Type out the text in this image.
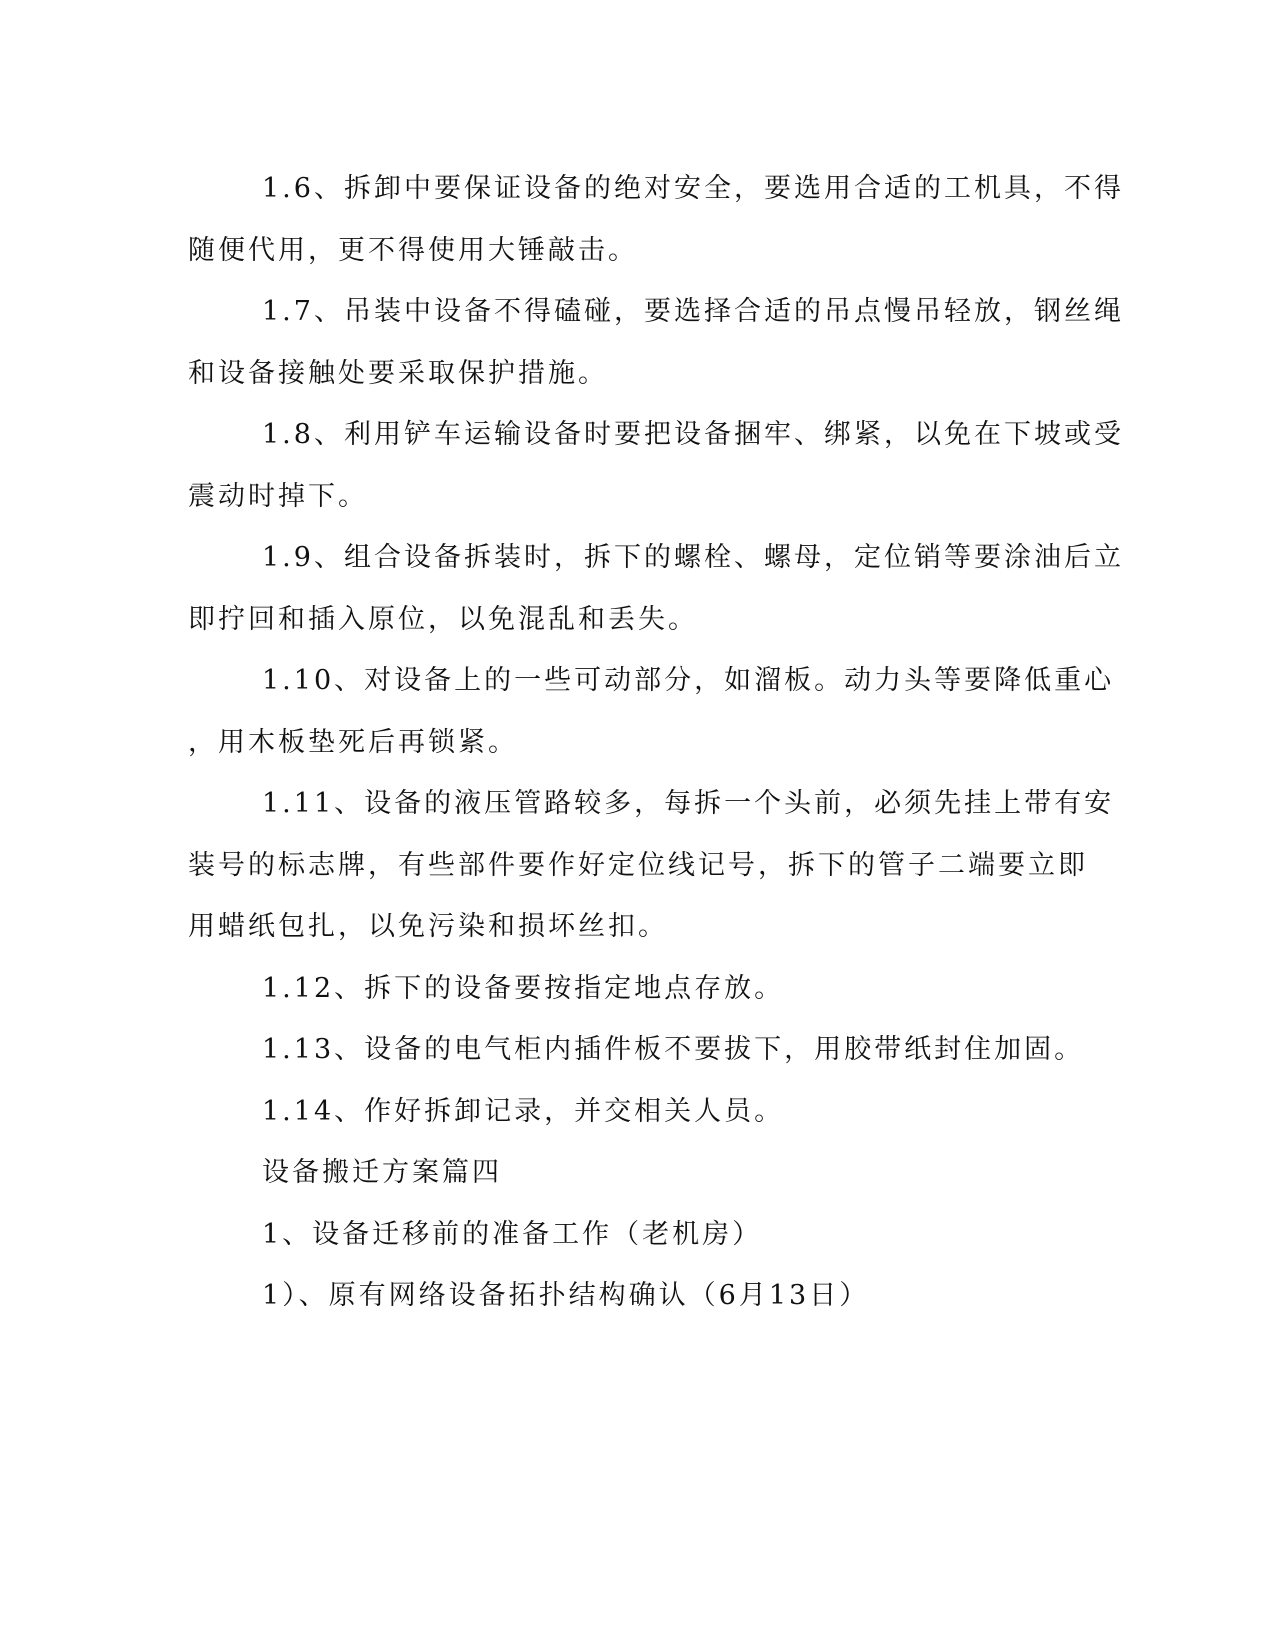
1.6、拆卸中要保证设备的绝对安全，要选用合适的工机具，不得
随便代用，更不得使用大锤敲击。
1.7、吊装中设备不得磕碰，要选择合适的吊点慢吊轻放，钢丝绳
和设备接触处要采取保护措施。
1.8、利用铲车运输设备时要把设备捆牢、绑紧，以免在下坡或受
震动时掉下。
1.9、组合设备拆装时，拆下的螺栓、螺母，定位销等要涂油后立
即拧回和插入原位，以免混乱和丢失。
1.10、对设备上的一些可动部分，如溜板。动力头等要降低重心
，用木板垫死后再锁紧。
1.11、设备的液压管路较多，每拆一个头前，必须先挂上带有安
装号的标志牌，有些部件要作好定位线记号，拆下的管子二端要立即
用蜡纸包扎，以免污染和损坏丝扣。
1.12、拆下的设备要按指定地点存放。
1.13、设备的电气柜内插件板不要拔下，用胶带纸封住加固。
1.14、作好拆卸记录，并交相关人员。
设备搬迁方案篇四
1、设备迁移前的准备工作（老机房）
1）、原有网络设备拓扑结构确认（6月13日）
